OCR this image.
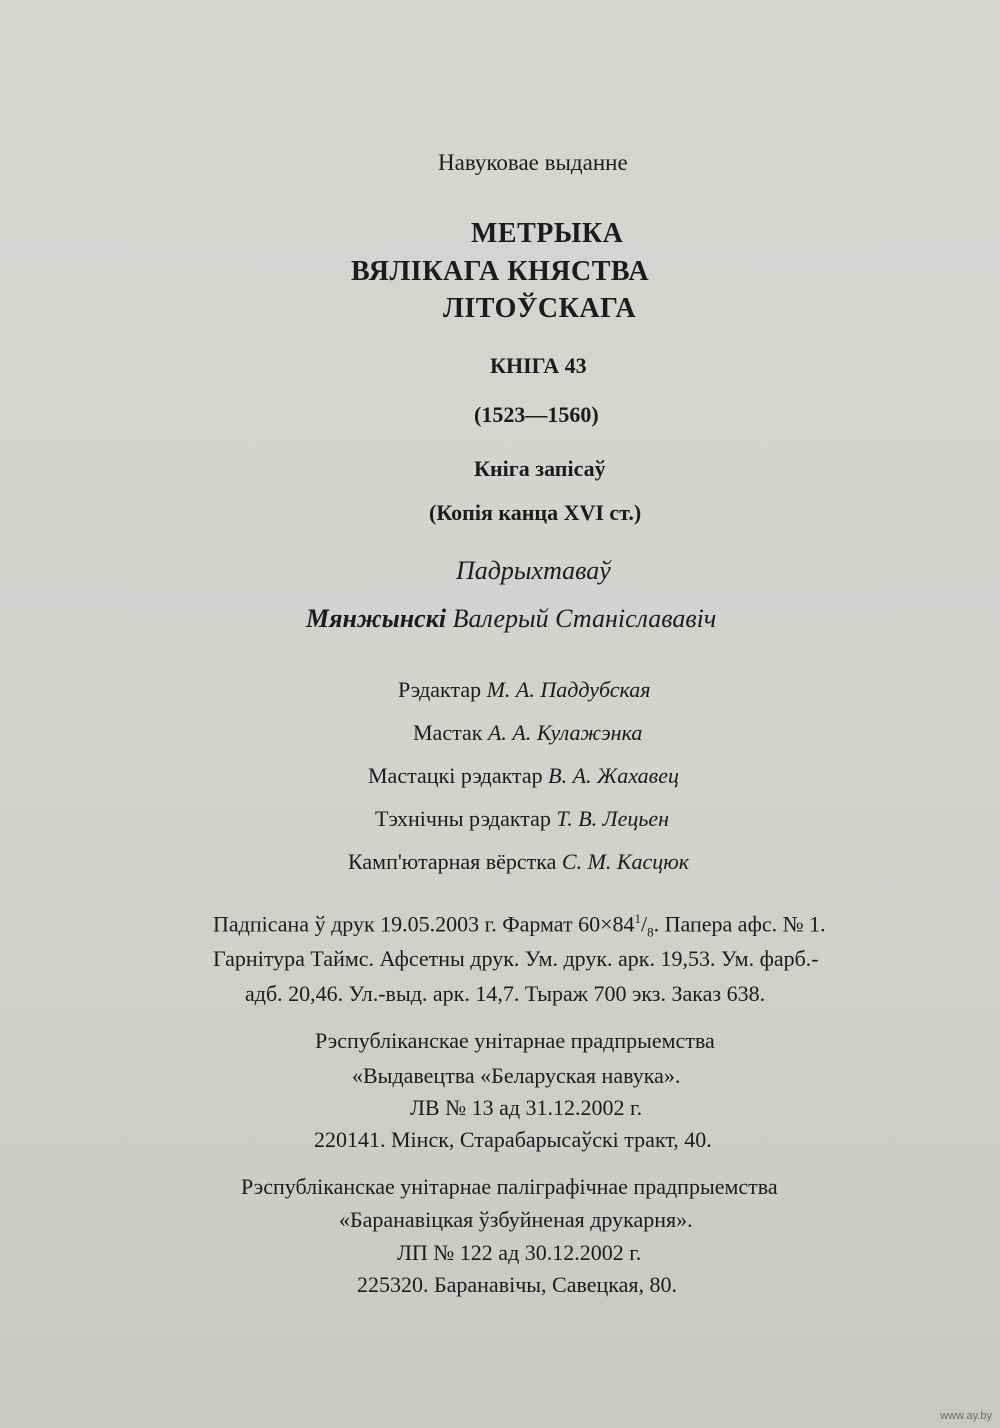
Навуковае выданне
МЕТРЫКА
ВЯЛІКАГА КНЯСТВА
ЛІТОЎСКАГА
КНІГА 43
(1523—1560)
Кніга запісаў
(Копія канца XVI ст.)
Падрыхтаваў
Мянжынскі Валерый Станіслававіч
Рэдактар М. А. Паддубская
Мастак А. А. Кулажэнка
Мастацкі рэдактар В. А. Жахавец
Тэхнічны рэдактар Т. В. Лецьен
Камп'ютарная вёрстка С. М. Касцюк
Падпісана ў друк 19.05.2003 г. Фармат $60\times 84^1/_8$. Папера афс. № 1.
Гарнітура Таймс. Афсетны друк. Ум. друк. арк. 19,53. Ум. фарб.-
адб. 20,46. Ул.-выд. арк. 14,7. Тыраж 700 экз. Заказ 638.
Рэспубліканскае унітарнае прадпрыемства
«Выдавецтва «Беларуская навука».
ЛВ № 13 ад 31.12.2002 г.
220141. Мінск, Старабарысаўскі тракт, 40.
Рэспубліканскае унітарнае паліграфічнае прадпрыемства
«Баранавіцкая ўзбуйненая друкарня».
ЛП № 122 ад 30.12.2002 г.
225320. Баранавічы, Савецкая, 80.
www.ay.by
